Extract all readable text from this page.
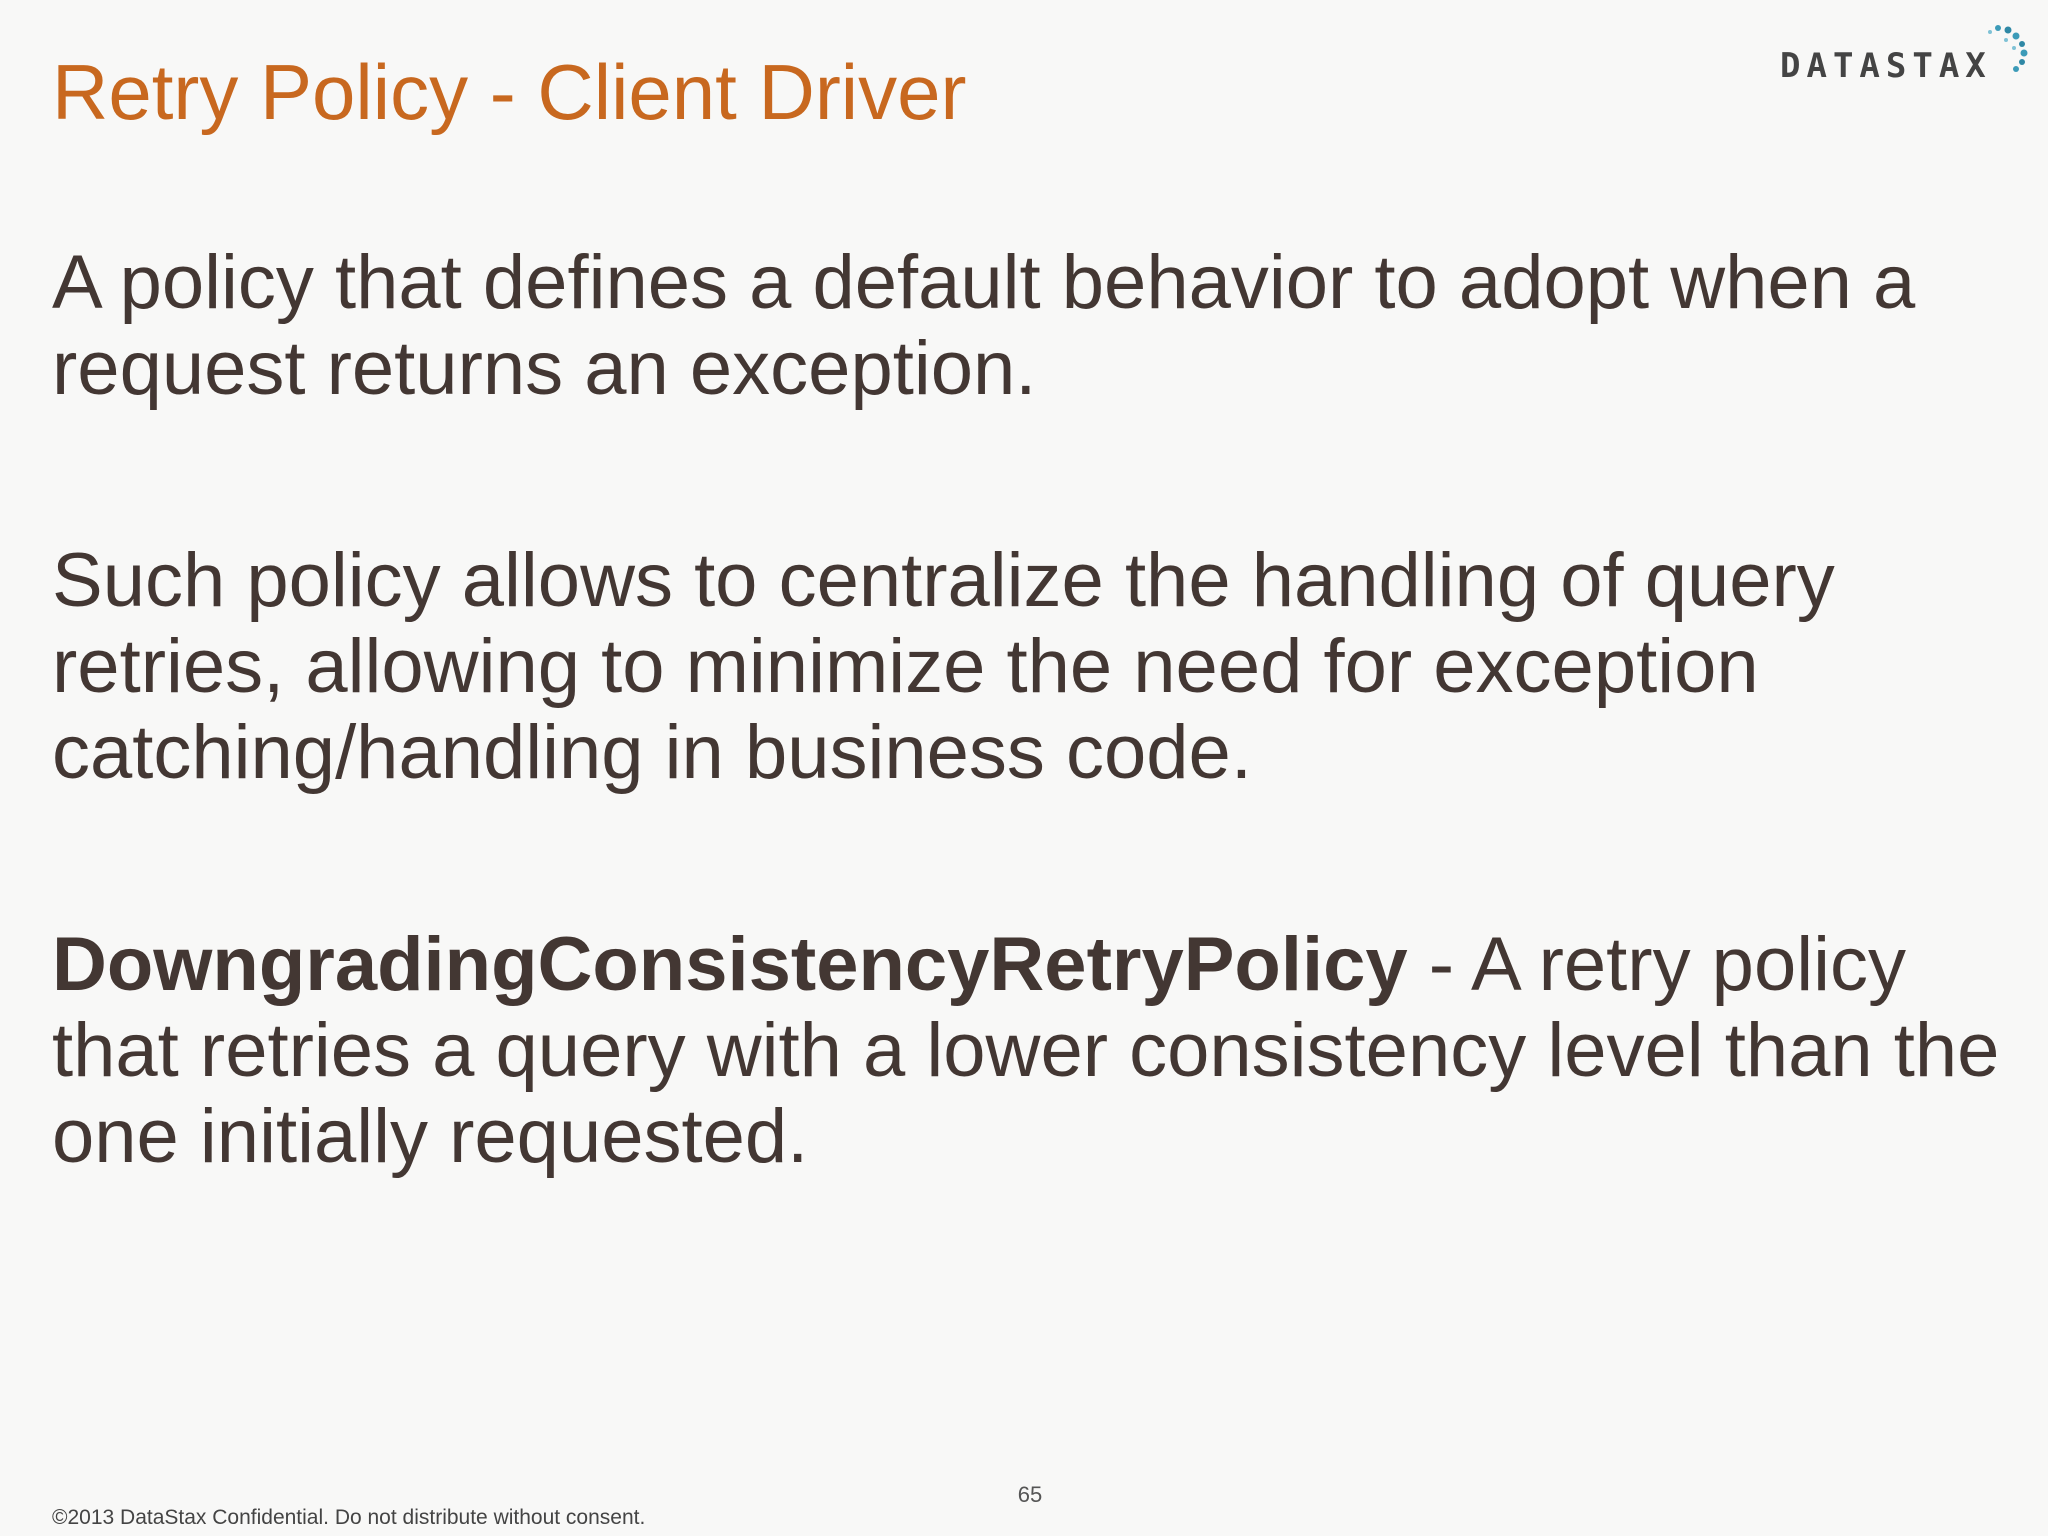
Retry Policy - Client Driver	DATASTAX

A policy that defines a default behavior to adopt when a request returns an exception.

Such policy allows to centralize the handling of query retries, allowing to minimize the need for exception catching/handling in business code.

DowngradingConsistencyRetryPolicy - A retry policy that retries a query with a lower consistency level than the one initially requested.

65
©2013 DataStax Confidential. Do not distribute without consent.
